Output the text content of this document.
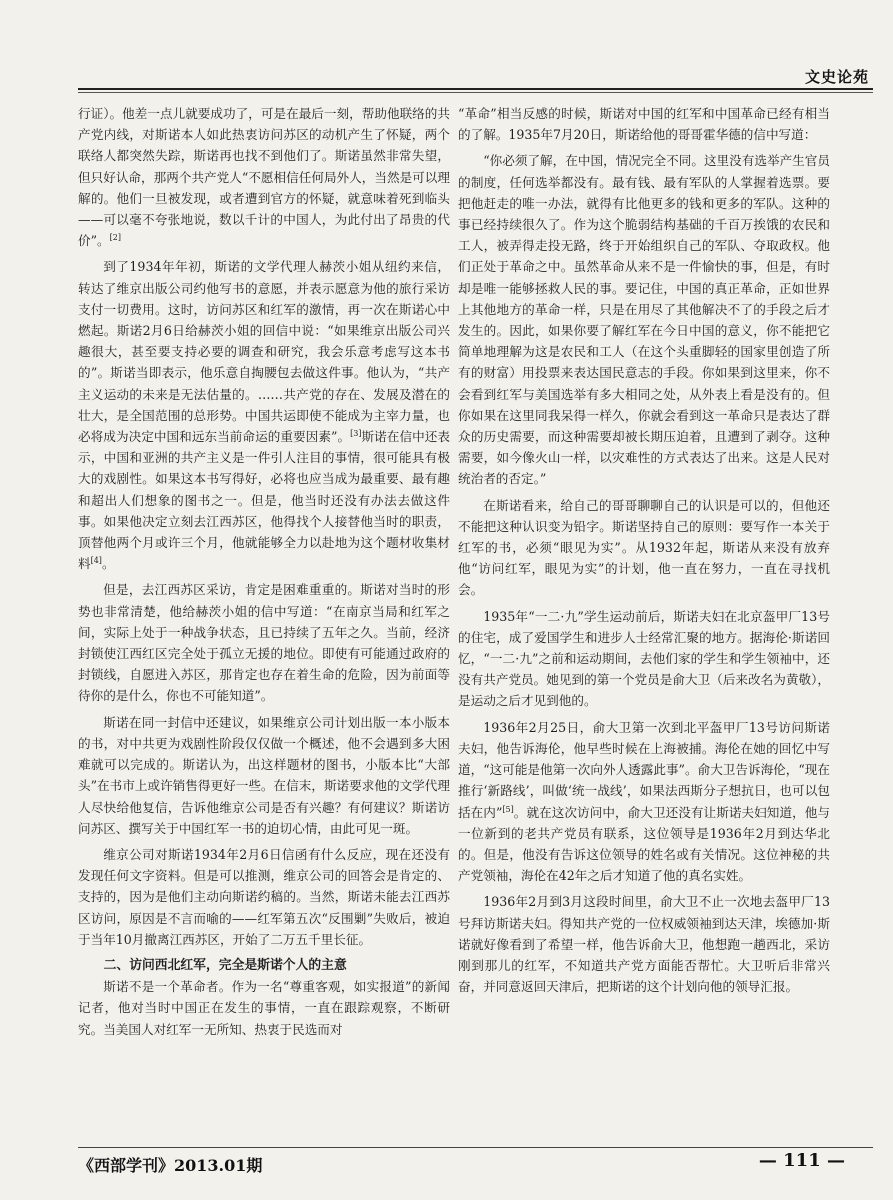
文史论苑

行证）。他差一点儿就要成功了，可是在最后一刻，帮助他联络的共产党内线，对斯诺本人如此热衷访问苏区的动机产生了怀疑，两个联络人都突然失踪，斯诺再也找不到他们了。斯诺虽然非常失望，但只好认命，那两个共产党人“不愿相信任何局外人，当然是可以理解的。他们一旦被发现，或者遭到官方的怀疑，就意味着死到临头——可以毫不夸张地说，数以千计的中国人，为此付出了昂贵的代价”。[2]

到了1934年年初，斯诺的文学代理人赫茨小姐从纽约来信，转达了维京出版公司约他写书的意愿，并表示愿意为他的旅行采访支付一切费用。这时，访问苏区和红军的激情，再一次在斯诺心中燃起。斯诺2月6日给赫茨小姐的回信中说：“如果维京出版公司兴趣很大，甚至要支持必要的调查和研究，我会乐意考虑写这本书的”。斯诺当即表示，他乐意自掏腰包去做这件事。他认为，“共产主义运动的未来是无法估量的。……共产党的存在、发展及潜在的壮大，是全国范围的总形势。中国共运即使不能成为主宰力量，也必将成为决定中国和远东当前命运的重要因素”。[3]斯诺在信中还表示，中国和亚洲的共产主义是一件引人注目的事情，很可能具有极大的戏剧性。如果这本书写得好，必将也应当成为最重要、最有趣和超出人们想象的图书之一。但是，他当时还没有办法去做这件事。如果他决定立刻去江西苏区，他得找个人接替他当时的职责，顶替他两个月或许三个月，他就能够全力以赴地为这个题材收集材料[4]。

但是，去江西苏区采访，肯定是困难重重的。斯诺对当时的形势也非常清楚，他给赫茨小姐的信中写道：“在南京当局和红军之间，实际上处于一种战争状态，且已持续了五年之久。当前，经济封锁使江西红区完全处于孤立无援的地位。即使有可能通过政府的封锁线，自愿进入苏区，那肯定也存在着生命的危险，因为前面等待你的是什么，你也不可能知道”。

斯诺在同一封信中还建议，如果维京公司计划出版一本小版本的书，对中共更为戏剧性阶段仅仅做一个概述，他不会遇到多大困难就可以完成的。斯诺认为，出这样题材的图书，小版本比“大部头”在书市上或许销售得更好一些。在信末，斯诺要求他的文学代理人尽快给他复信，告诉他维京公司是否有兴趣？有何建议？斯诺访问苏区、撰写关于中国红军一书的迫切心情，由此可见一斑。

维京公司对斯诺1934年2月6日信函有什么反应，现在还没有发现任何文字资料。但是可以推测，维京公司的回答会是肯定的、支持的，因为是他们主动向斯诺约稿的。当然，斯诺未能去江西苏区访问，原因是不言而喻的——红军第五次“反围剿”失败后，被迫于当年10月撤离江西苏区，开始了二万五千里长征。

二、访问西北红军，完全是斯诺个人的主意

斯诺不是一个革命者。作为一名“尊重客观，如实报道”的新闻记者，他对当时中国正在发生的事情，一直在跟踪观察，不断研究。当美国人对红军一无所知、热衷于民选而对

“革命”相当反感的时候，斯诺对中国的红军和中国革命已经有相当的了解。1935年7月20日，斯诺给他的哥哥霍华德的信中写道：

“你必须了解，在中国，情况完全不同。这里没有选举产生官员的制度，任何选举都没有。最有钱、最有军队的人掌握着选票。要把他赶走的唯一办法，就得有比他更多的钱和更多的军队。这种的事已经持续很久了。作为这个脆弱结构基础的千百万挨饿的农民和工人，被弄得走投无路，终于开始组织自己的军队、夺取政权。他们正处于革命之中。虽然革命从来不是一件愉快的事，但是，有时却是唯一能够拯救人民的事。要记住，中国的真正革命，正如世界上其他地方的革命一样，只是在用尽了其他解决不了的手段之后才发生的。因此，如果你要了解红军在今日中国的意义，你不能把它简单地理解为这是农民和工人（在这个头重脚轻的国家里创造了所有的财富）用投票来表达国民意志的手段。你如果到这里来，你不会看到红军与美国选举有多大相同之处，从外表上看是没有的。但你如果在这里同我呆得一样久，你就会看到这一革命只是表达了群众的历史需要，而这种需要却被长期压迫着，且遭到了剥夺。这种需要，如今像火山一样，以灾难性的方式表达了出来。这是人民对统治者的否定。”

在斯诺看来，给自己的哥哥聊聊自己的认识是可以的，但他还不能把这种认识变为铅字。斯诺坚持自己的原则：要写作一本关于红军的书，必须“眼见为实”。从1932年起，斯诺从来没有放弃他“访问红军，眼见为实”的计划，他一直在努力，一直在寻找机会。

1935年“一二·九”学生运动前后，斯诺夫妇在北京盔甲厂13号的住宅，成了爱国学生和进步人士经常汇聚的地方。据海伦·斯诺回忆，“一二·九”之前和运动期间，去他们家的学生和学生领袖中，还没有共产党员。她见到的第一个党员是俞大卫（后来改名为黄敬），是运动之后才见到他的。

1936年2月25日，俞大卫第一次到北平盔甲厂13号访问斯诺夫妇，他告诉海伦，他早些时候在上海被捕。海伦在她的回忆中写道，“这可能是他第一次向外人透露此事”。俞大卫告诉海伦，“现在推行‘新路线’，叫做‘统一战线’，如果法西斯分子想抗日，也可以包括在内”[5]。就在这次访问中，俞大卫还没有让斯诺夫妇知道，他与一位新到的老共产党员有联系，这位领导是1936年2月到达华北的。但是，他没有告诉这位领导的姓名或有关情况。这位神秘的共产党领袖，海伦在42年之后才知道了他的真名实姓。

1936年2月到3月这段时间里，俞大卫不止一次地去盔甲厂13号拜访斯诺夫妇。得知共产党的一位权威领袖到达天津，埃德加·斯诺就好像看到了希望一样，他告诉俞大卫，他想跑一趟西北，采访刚到那儿的红军，不知道共产党方面能否帮忙。大卫听后非常兴奋，并同意返回天津后，把斯诺的这个计划向他的领导汇报。

《西部学刊》2013.01期	— 111 —
